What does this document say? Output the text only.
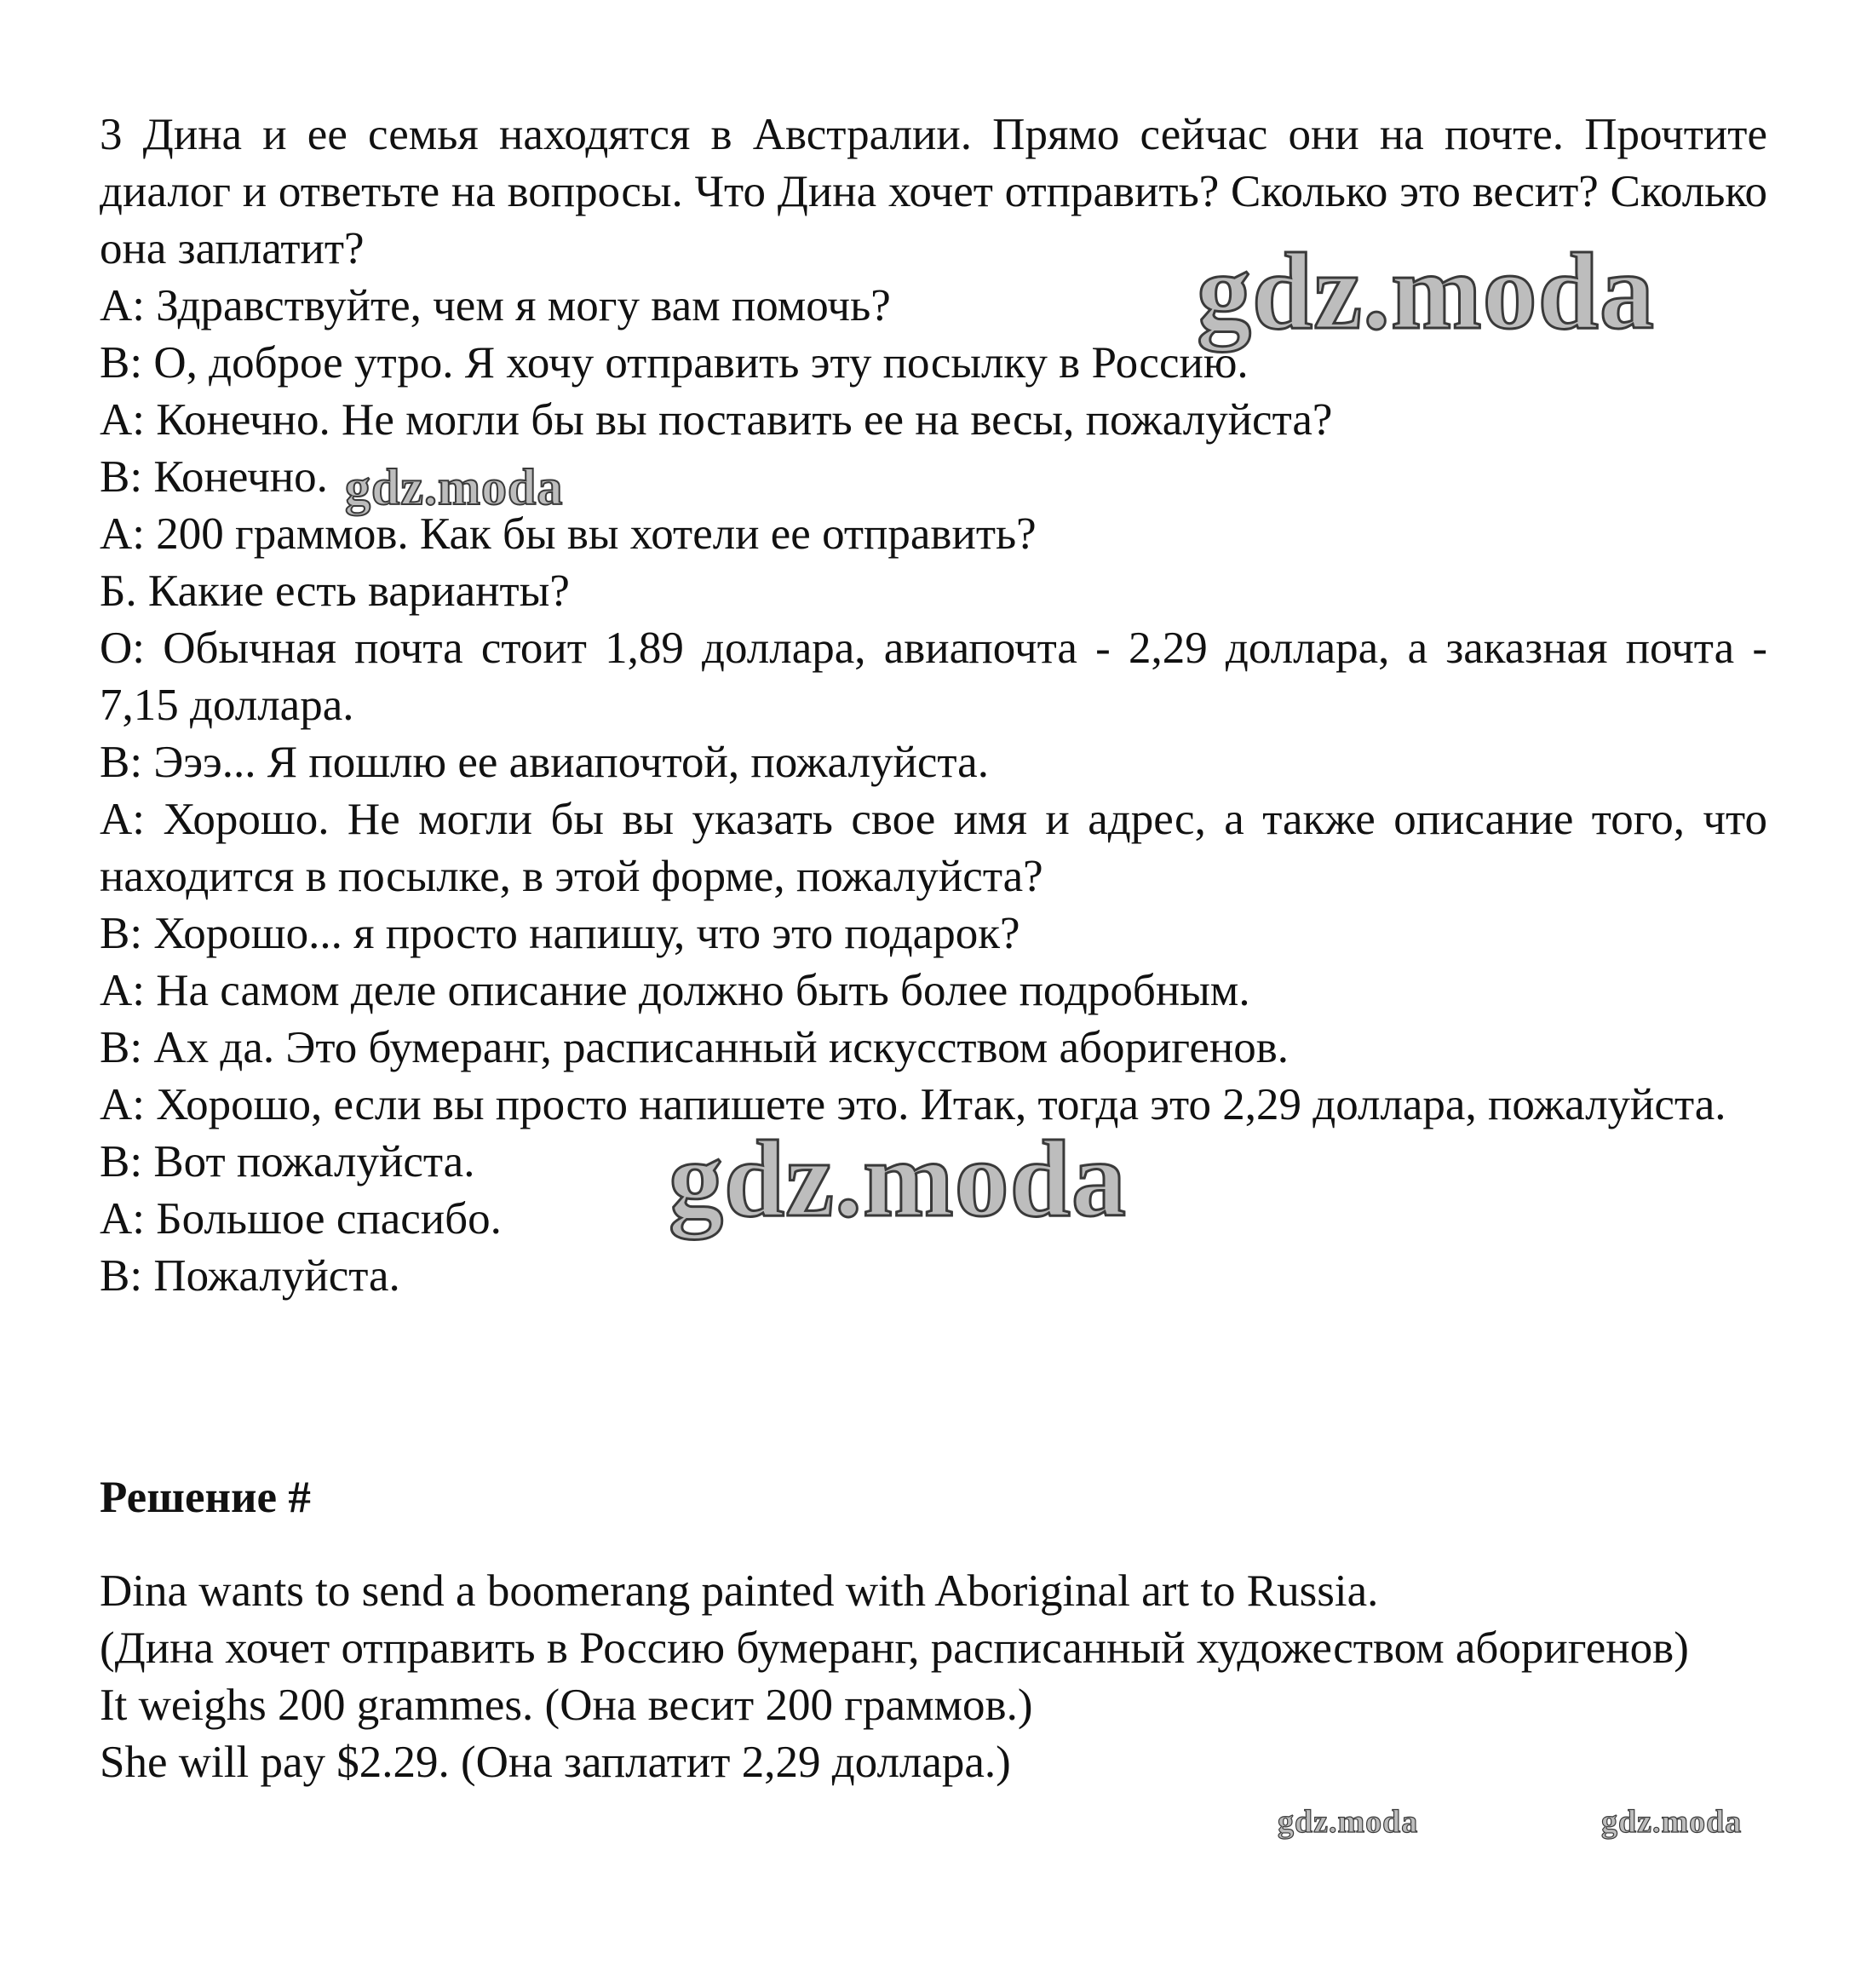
3 Дина и ее семья находятся в Австралии. Прямо сейчас они на почте. Прочтите диалог и ответьте на вопросы. Что Дина хочет отправить? Сколько это весит? Сколько она заплатит?

A: Здравствуйте, чем я могу вам помочь?

B: О, доброе утро. Я хочу отправить эту посылку в Россию.

A: Конечно. Не могли бы вы поставить ее на весы, пожалуйста?

B: Конечно.

A: 200 граммов. Как бы вы хотели ее отправить?

Б. Какие есть варианты?

О: Обычная почта стоит 1,89 доллара, авиапочта - 2,29 доллара, а заказная почта - 7,15 доллара.

B: Эээ... Я пошлю ее авиапочтой, пожалуйста.

A: Хорошо. Не могли бы вы указать свое имя и адрес, а также описание того, что находится в посылке, в этой форме, пожалуйста?

B: Хорошо... я просто напишу, что это подарок?

A: На самом деле описание должно быть более подробным.

B: Ах да. Это бумеранг, расписанный искусством аборигенов.

A: Хорошо, если вы просто напишете это. Итак, тогда это 2,29 доллара, пожалуйста.

B: Вот пожалуйста.

A: Большое спасибо.

B: Пожалуйста.

Решение #

Dina wants to send a boomerang painted with Aboriginal art to Russia.

(Дина хочет отправить в Россию бумеранг, расписанный художеством аборигенов)

It weighs 200 grammes. (Она весит 200 граммов.)

She will pay $2.29. (Она заплатит 2,29 доллара.)

gdz.moda
gdz.moda
gdz.moda
gdz.moda	gdz.moda
